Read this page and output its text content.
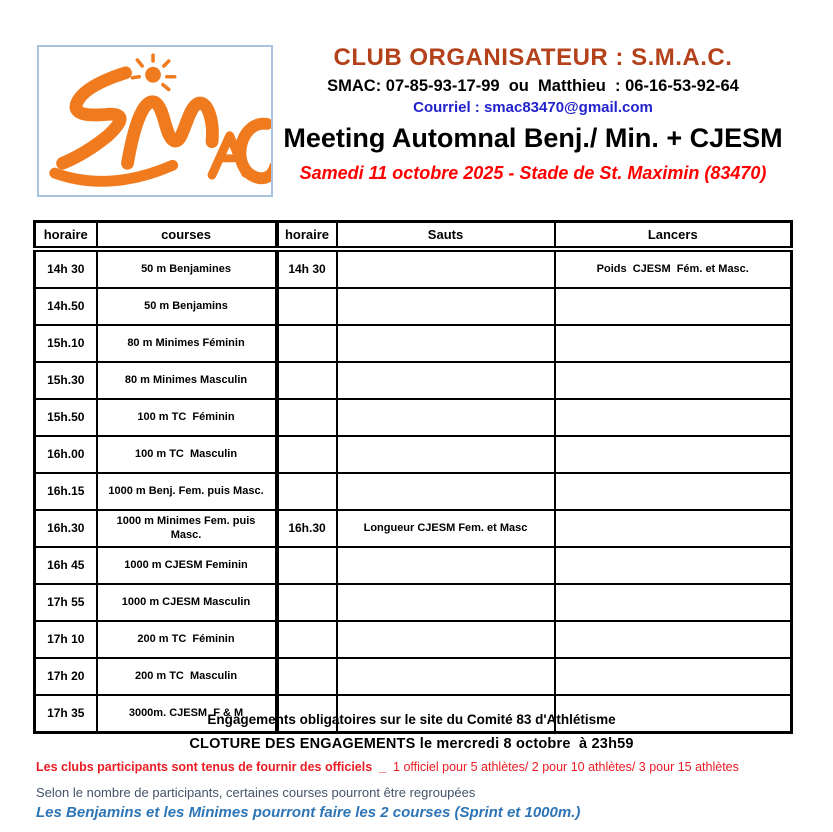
CLUB ORGANISATEUR : S.M.A.C.
SMAC: 07-85-93-17-99  ou  Matthieu  : 06-16-53-92-64
Courriel : smac83470@gmail.com
Meeting Automnal Benj./ Min. + CJESM
Samedi 11 octobre 2025 - Stade de St. Maximin (83470)
horaire	courses	horaire	Sauts	Lancers
14h 30	50 m Benjamines	14h 30		Poids  CJESM  Fém. et Masc.
14h.50	50 m Benjamins			
15h.10	80 m Minimes Féminin			
15h.30	80 m Minimes Masculin			
15h.50	100 m TC  Féminin			
16h.00	100 m TC  Masculin			
16h.15	1000 m Benj. Fem. puis Masc.			
16h.30	1000 m Minimes Fem. puis Masc.	16h.30	Longueur CJESM Fem. et Masc	
16h 45	1000 m CJESM Feminin			
17h 55	1000 m CJESM Masculin			
17h 10	200 m TC  Féminin			
17h 20	200 m TC  Masculin			
17h 35	3000m. CJESM  F & M			
Engagements obligatoires sur le site du Comité 83 d'Athlétisme
CLOTURE DES ENGAGEMENTS le mercredi 8 octobre  à 23h59
Les clubs participants sont tenus de fournir des officiels  _  1 officiel pour 5 athlètes/ 2 pour 10 athlètes/ 3 pour 15 athlètes
Selon le nombre de participants, certaines courses pourront être regroupées
Les Benjamins et les Minimes pourront faire les 2 courses (Sprint et 1000m.)
